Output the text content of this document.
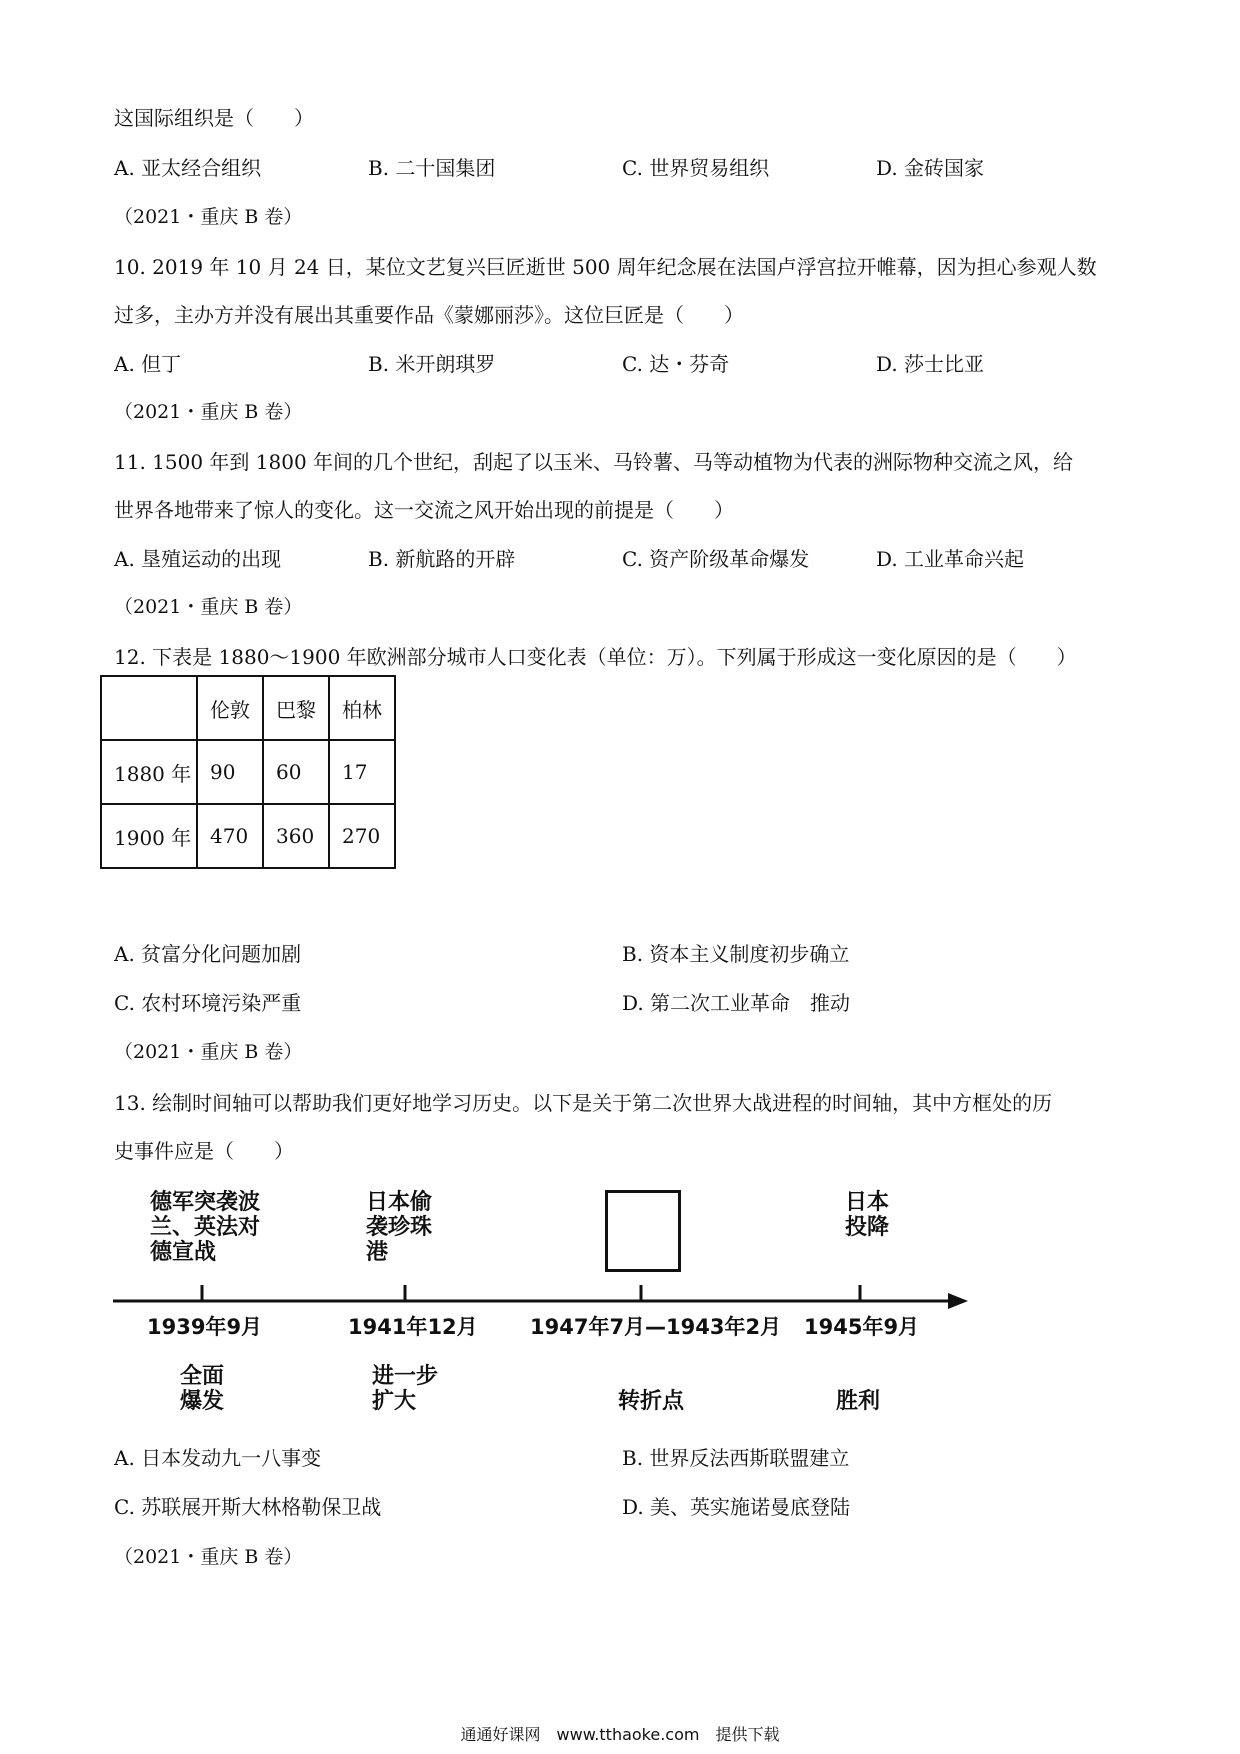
这国际组织是（　　）
A. 亚太经合组织	B. 二十国集团	C. 世界贸易组织	D. 金砖国家
（2021・重庆 B 卷）
10. 2019 年 10 月 24 日，某位文艺复兴巨匠逝世 500 周年纪念展在法国卢浮宫拉开帷幕，因为担心参观人数
过多，主办方并没有展出其重要作品《蒙娜丽莎》。这位巨匠是（　　）
A. 但丁	B. 米开朗琪罗	C. 达・芬奇	D. 莎士比亚
（2021・重庆 B 卷）
11. 1500 年到 1800 年间的几个世纪，刮起了以玉米、马铃薯、马等动植物为代表的洲际物种交流之风，给
世界各地带来了惊人的变化。这一交流之风开始出现的前提是（　　）
A. 垦殖运动的出现	B. 新航路的开辟	C. 资产阶级革命爆发	D. 工业革命兴起
（2021・重庆 B 卷）
12. 下表是 1880～1900 年欧洲部分城市人口变化表（单位：万）。下列属于形成这一变化原因的是（　　）
	伦敦	巴黎	柏林
1880 年	90	60	17
1900 年	470	360	270
A. 贫富分化问题加剧	B. 资本主义制度初步确立
C. 农村环境污染严重	D. 第二次工业革命　推动
（2021・重庆 B 卷）
13. 绘制时间轴可以帮助我们更好地学习历史。以下是关于第二次世界大战进程的时间轴，其中方框处的历
史事件应是（　　）
德军突袭波
兰、英法对
德宣战
日本偷
袭珍珠
港
日本
投降
1939年9月	1941年12月 1947年7月—1943年2月 1945年9月
全面
爆发
进一步
扩大	转折点	胜利
A. 日本发动九一八事变	B. 世界反法西斯联盟建立
C. 苏联展开斯大林格勒保卫战	D. 美、英实施诺曼底登陆
（2021・重庆 B 卷）
通通好课网　www.tthaoke.com　提供下载
